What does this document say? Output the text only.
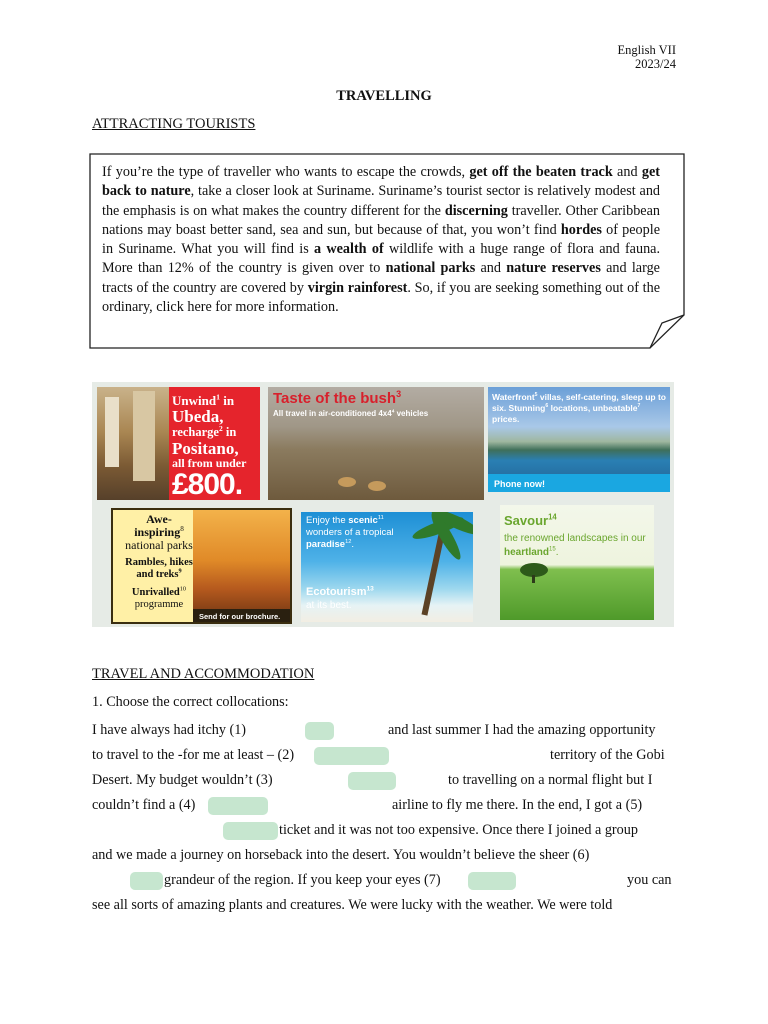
English VII
2023/24
TRAVELLING
ATTRACTING TOURISTS
If you’re the type of traveller who wants to escape the crowds, get off the beaten track and get back to nature, take a closer look at Suriname. Suriname’s tourist sector is relatively modest and the emphasis is on what makes the country different for the discerning traveller. Other Caribbean nations may boast better sand, sea and sun, but because of that, you won’t find hordes of people in Suriname. What you will find is a wealth of wildlife with a huge range of flora and fauna. More than 12% of the country is given over to national parks and nature reserves and large tracts of the country are covered by virgin rainforest. So, if you are seeking something out of the ordinary, click here for more information.
Unwind$^1$ in
Ubeda,
recharge$^2$ in
Positano,
all from under
£800.
Taste of the bush$^3$
All travel in air-conditioned $4x4^4$ vehicles
Waterfront$^5$ villas, self-catering, sleep up to six. Stunning$^6$ locations, unbeatable$^7$ prices.
Phone now!
Awe-
inspiring$^8$
national parks
Rambles, hikes and treks$^9$
Unrivalled$^{10}$
programme
Send for our brochure.
Enjoy the scenic$^{11}$ wonders of a tropical paradise$^{12}$.
Ecotourism$^{13}$
at its best.
Savour$^{14}$
the renowned landscapes in our heartland$^{15}$.
TRAVEL AND ACCOMMODATION
1. Choose the correct collocations:
I have always had itchy (1)	and last summer I had the amazing opportunity
to travel to the -for me at least – (2)	territory of the Gobi
Desert. My budget wouldn’t (3)	to travelling on a normal flight but I
couldn’t find a (4)	airline to fly me there. In the end, I got a (5)
ticket and it was not too expensive. Once there I joined a group
and we made a journey on horseback into the desert. You wouldn’t believe the sheer (6)
grandeur of the region. If you keep your eyes (7)	you can
see all sorts of amazing plants and creatures. We were lucky with the weather. We were told
